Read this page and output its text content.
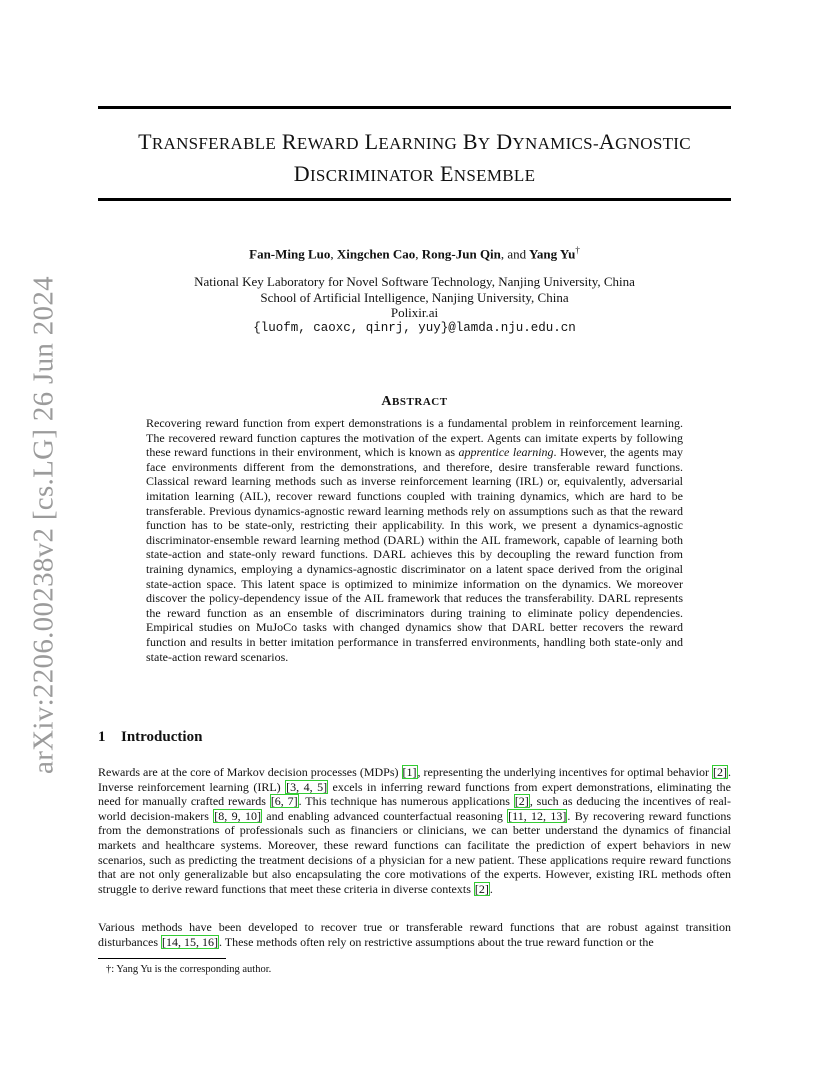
arXiv:2206.00238v2 [cs.LG] 26 Jun 2024
TRANSFERABLE REWARD LEARNING BY DYNAMICS-AGNOSTIC
DISCRIMINATOR ENSEMBLE
Fan-Ming Luo, Xingchen Cao, Rong-Jun Qin, and Yang Yu†
National Key Laboratory for Novel Software Technology, Nanjing University, China
School of Artificial Intelligence, Nanjing University, China
Polixir.ai
{luofm, caoxc, qinrj, yuy}@lamda.nju.edu.cn
ABSTRACT
Recovering reward function from expert demonstrations is a fundamental problem in reinforcement learning. The recovered reward function captures the motivation of the expert. Agents can imitate experts by following these reward functions in their environment, which is known as apprentice learning. However, the agents may face environments different from the demonstrations, and therefore, desire transferable reward functions. Classical reward learning methods such as inverse reinforcement learning (IRL) or, equivalently, adversarial imitation learning (AIL), recover reward functions coupled with training dynamics, which are hard to be transferable. Previous dynamics-agnostic reward learning methods rely on assumptions such as that the reward function has to be state-only, restricting their applicability. In this work, we present a dynamics-agnostic discriminator-ensemble reward learning method (DARL) within the AIL framework, capable of learning both state-action and state-only reward functions. DARL achieves this by decoupling the reward function from training dynamics, employing a dynamics-agnostic discriminator on a latent space derived from the original state-action space. This latent space is optimized to minimize information on the dynamics. We moreover discover the policy-dependency issue of the AIL framework that reduces the transferability. DARL represents the reward function as an ensemble of discriminators during training to eliminate policy dependencies. Empirical studies on MuJoCo tasks with changed dynamics show that DARL better recovers the reward function and results in better imitation performance in transferred environments, handling both state-only and state-action reward scenarios.
1 Introduction
Rewards are at the core of Markov decision processes (MDPs) [1], representing the underlying incentives for optimal behavior [2]. Inverse reinforcement learning (IRL) [3, 4, 5] excels in inferring reward functions from expert demonstrations, eliminating the need for manually crafted rewards [6, 7]. This technique has numerous applications [2], such as deducing the incentives of real-world decision-makers [8, 9, 10] and enabling advanced counterfactual reasoning [11, 12, 13]. By recovering reward functions from the demonstrations of professionals such as financiers or clinicians, we can better understand the dynamics of financial markets and healthcare systems. Moreover, these reward functions can facilitate the prediction of expert behaviors in new scenarios, such as predicting the treatment decisions of a physician for a new patient. These applications require reward functions that are not only generalizable but also encapsulating the core motivations of the experts. However, existing IRL methods often struggle to derive reward functions that meet these criteria in diverse contexts [2].
Various methods have been developed to recover true or transferable reward functions that are robust against transition disturbances [14, 15, 16]. These methods often rely on restrictive assumptions about the true reward function or the
†: Yang Yu is the corresponding author.
